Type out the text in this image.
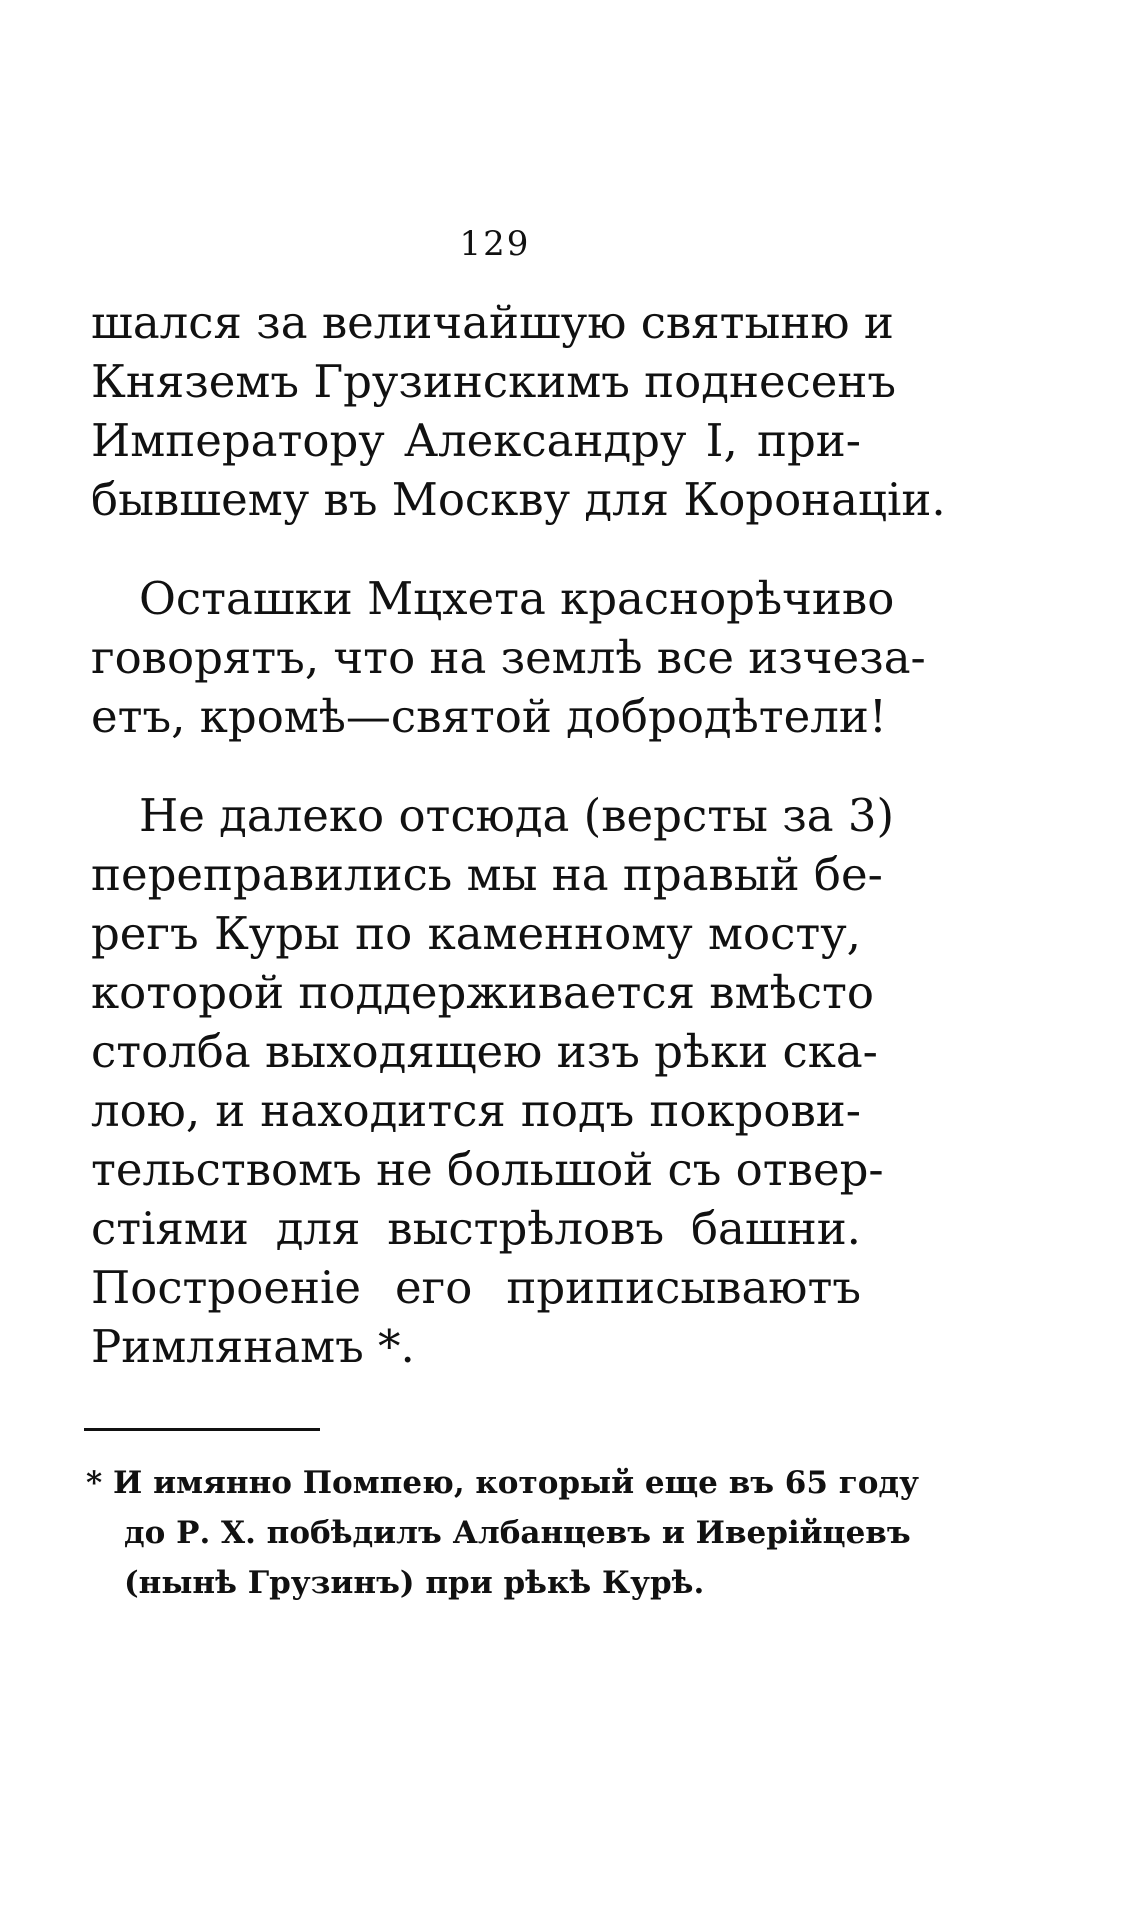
129

шался за величайшую святыню и
Княземъ Грузинскимъ поднесенъ
Императору Александру I, при-
бывшему въ Москву для Коронацiи.

Осташки Мцхета краснорѣчиво
говорятъ, что на землѣ все изчеза-
етъ, кромѣ—святой добродѣтели!

Не далеко отсюда (версты за 3)
переправились мы на правый бе-
регъ Куры по каменному мосту,
которой поддерживается вмѣсто
столба выходящею изъ рѣки ска-
лою, и находится подъ покрови-
тельствомъ не большой съ отвер-
стiями для выстрѣловъ башни.
Построенiе его приписываютъ
Римлянамъ *.

* И имянно Помпею, который еще въ 65 году
до Р. Х. побѣдилъ Албанцевъ и Иверiйцевъ
(нынѣ Грузинъ) при рѣкѣ Курѣ.
